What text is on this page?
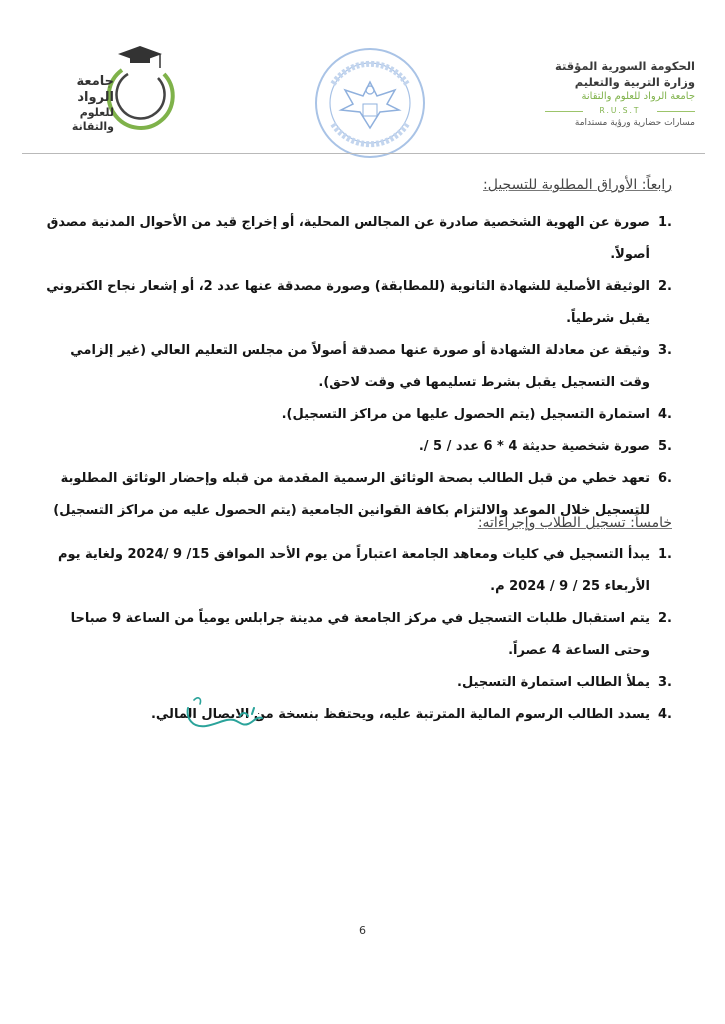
جامعة الرواد
للعلوم والتقانة
الحكومة السورية المؤقتة
وزارة التربية والتعليم
جامعة الرواد للعلوم والتقانة
R.U.S.T
مسارات حضارية ورؤية مستدامة
رابعاً: الأوراق المطلوبة للتسجيل:
.1
صورة عن الهوية الشخصية صادرة عن المجالس المحلية، أو إخراج قيد من الأحوال المدنية مصدق أصولاً.
.2
الوثيقة الأصلية للشهادة الثانوية (للمطابقة) وصورة مصدقة عنها عدد 2، أو إشعار نجاح الكتروني يقبل شرطياً.
.3
وثيقة عن معادلة الشهادة أو صورة عنها مصدقة أصولاً من مجلس التعليم العالي (غير إلزامي وقت التسجيل يقبل بشرط تسليمها في وقت لاحق).
.4
استمارة التسجيل (يتم الحصول عليها من مراكز التسجيل).
.5
صورة شخصية حديثة 4 * 6 عدد / 5 /.
.6
تعهد خطي من قبل الطالب بصحة الوثائق الرسمية المقدمة من قبله وإحضار الوثائق المطلوبة للتسجيل خلال الموعد والالتزام بكافة القوانين الجامعية (يتم الحصول عليه من مراكز التسجيل)
خامساً: تسجيل الطلاب وإجراءاته:
.1
يبدأ التسجيل في كليات ومعاهد الجامعة اعتباراً من يوم الأحد الموافق 15/ 9 /2024 ولغاية يوم الأربعاء 25 / 9 / 2024 م.
.2
يتم استقبال طلبات التسجيل في مركز الجامعة في مدينة جرابلس يومياً من الساعة 9 صباحا وحتى الساعة 4 عصراً.
.3
يملأ الطالب استمارة التسجيل.
.4
يسدد الطالب الرسوم المالية المترتبة عليه، ويحتفظ بنسخة من الايصال المالي.
6
